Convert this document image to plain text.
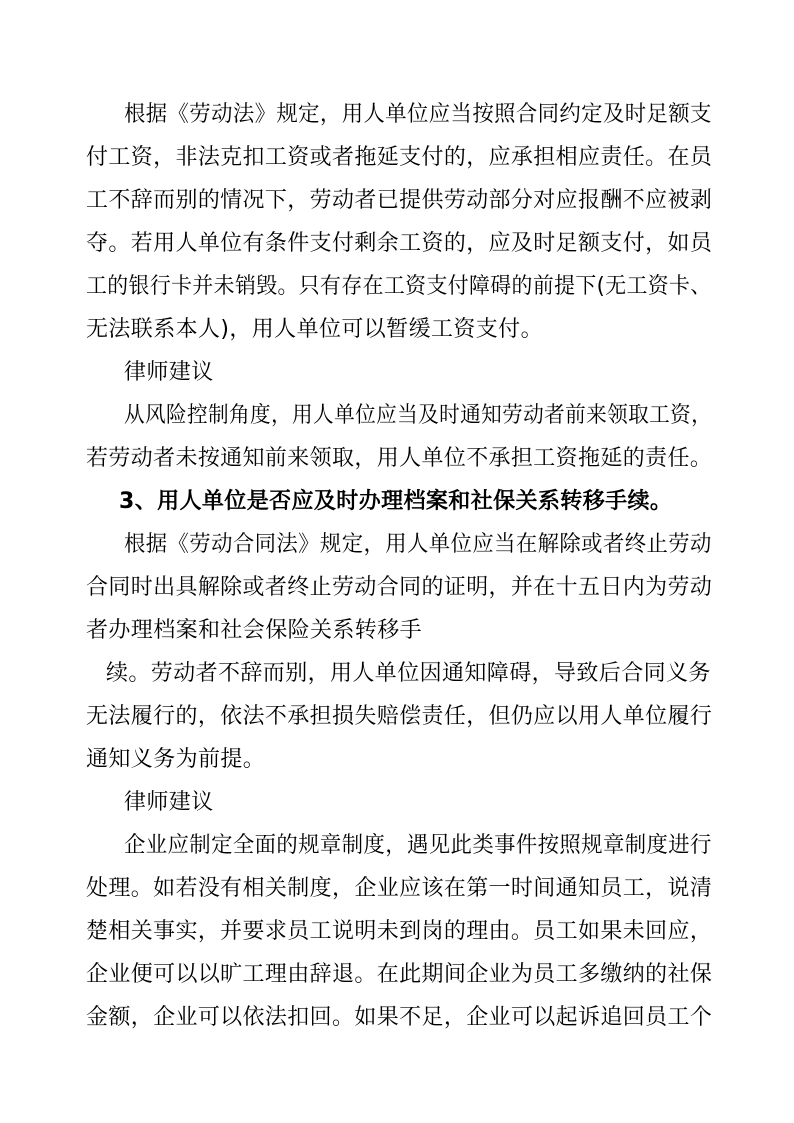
根据《劳动法》规定，用人单位应当按照合同约定及时足额支
付工资，非法克扣工资或者拖延支付的，应承担相应责任。在员
工不辞而别的情况下，劳动者已提供劳动部分对应报酬不应被剥
夺。若用人单位有条件支付剩余工资的，应及时足额支付，如员
工的银行卡并未销毁。只有存在工资支付障碍的前提下(无工资卡、
无法联系本人)，用人单位可以暂缓工资支付。
律师建议
从风险控制角度，用人单位应当及时通知劳动者前来领取工资，
若劳动者未按通知前来领取，用人单位不承担工资拖延的责任。
3、用人单位是否应及时办理档案和社保关系转移手续。
根据《劳动合同法》规定，用人单位应当在解除或者终止劳动
合同时出具解除或者终止劳动合同的证明，并在十五日内为劳动
者办理档案和社会保险关系转移手
续。劳动者不辞而别，用人单位因通知障碍，导致后合同义务
无法履行的，依法不承担损失赔偿责任，但仍应以用人单位履行
通知义务为前提。
律师建议
企业应制定全面的规章制度，遇见此类事件按照规章制度进行
处理。如若没有相关制度，企业应该在第一时间通知员工，说清
楚相关事实，并要求员工说明未到岗的理由。员工如果未回应，
企业便可以以旷工理由辞退。在此期间企业为员工多缴纳的社保
金额，企业可以依法扣回。如果不足，企业可以起诉追回员工个
